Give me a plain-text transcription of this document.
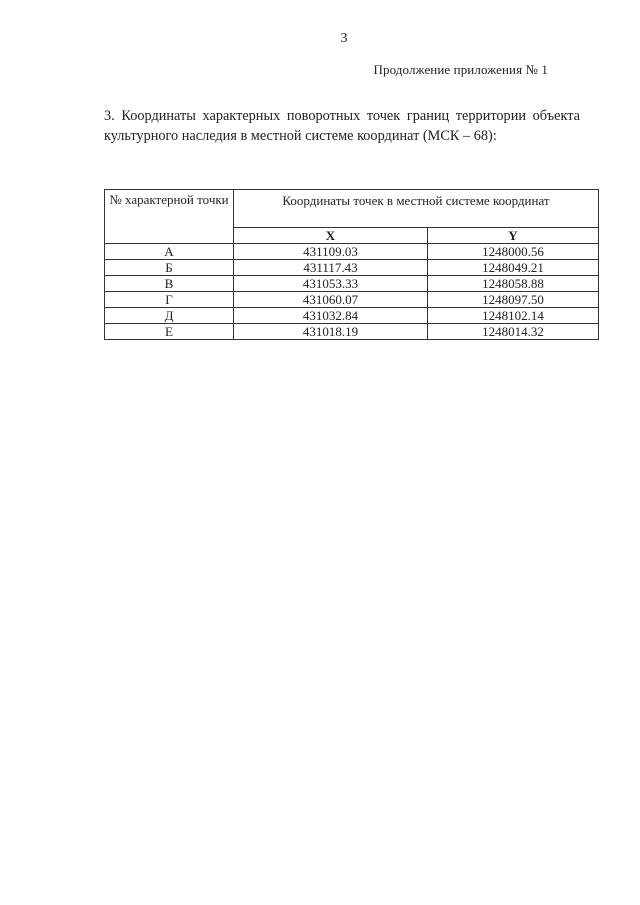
3
Продолжение приложения № 1
3. Координаты характерных поворотных точек границ территории объекта
культурного наследия в местной системе координат (МСК – 68):
№ характерной точки	Координаты точек в местной системе координат	
	X	Y
А	431109.03	1248000.56
Б	431117.43	1248049.21
В	431053.33	1248058.88
Г	431060.07	1248097.50
Д	431032.84	1248102.14
Е	431018.19	1248014.32
